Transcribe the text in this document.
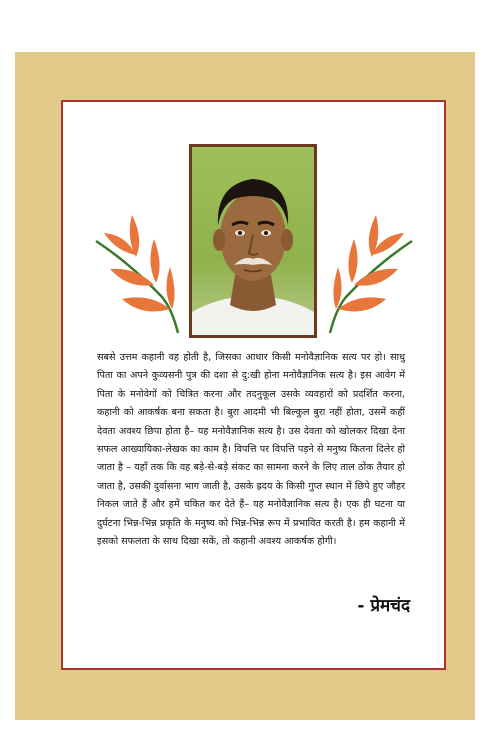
सबसे उत्तम कहानी वह होती है, जिसका आधार किसी मनोवैज्ञानिक सत्य पर हो। साधु पिता का अपने कुव्यसनी पुत्र की दशा से दु:खी होना मनोवैज्ञानिक सत्य है। इस आवेग में पिता के मनोवेगों को चित्रित करना और तदनुकूल उसके व्यवहारों को प्रदर्शित करना, कहानी को आकर्षक बना सकता है। बुरा आदमी भी बिल्कुल बुरा नहीं होता, उसमें कहीं देवता अवश्य छिपा होता है– यह मनोवैज्ञानिक सत्य है। उस देवता को खोलकर दिखा देना सफल आख्यायिका-लेखक का काम है। विपत्ति पर विपत्ति पड़ने से मनुष्य कितना दिलेर हो जाता है – यहाँ तक कि वह बड़े-से-बड़े संकट का सामना करने के लिए ताल ठोंक तैयार हो जाता है, उसकी दुर्वासना भाग जाती है, उसके ह्रदय के किसी गुप्त स्थान में छिपे हुए जौहर निकल जाते हैं और हमें चकित कर देते हैं– यह मनोवैज्ञानिक सत्य है। एक ही घटना या दुर्घटना भिन्न-भिन्न प्रकृति के मनुष्य को भिन्न-भिन्न रूप में प्रभावित करती है। हम कहानी में इसको सफलता के साथ दिखा सकें, तो कहानी अवश्य आकर्षक होगी।

- प्रेमचंद
